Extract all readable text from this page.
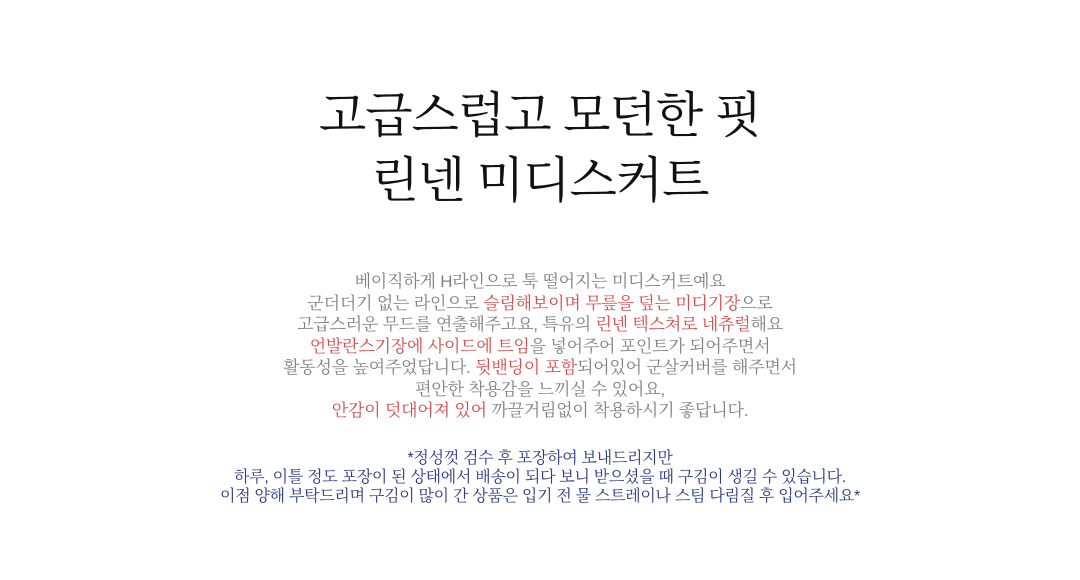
고급스럽고 모던한 핏
린넨 미디스커트
베이직하게 H라인으로 툭 떨어지는 미디스커트예요
군더더기 없는 라인으로 슬림해보이며 무릎을 덮는 미디기장으로
고급스러운 무드를 연출해주고요, 특유의 린넨 텍스쳐로 네츄럴해요
언발란스기장에 사이드에 트임을 넣어주어 포인트가 되어주면서
활동성을 높여주었답니다. 뒷밴딩이 포함되어있어 군살커버를 해주면서
편안한 착용감을 느끼실 수 있어요,
안감이 덧대어져 있어 까끌거림없이 착용하시기 좋답니다.
*정성껏 검수 후 포장하여 보내드리지만
하루, 이틀 정도 포장이 된 상태에서 배송이 되다 보니 받으셨을 때 구김이 생길 수 있습니다.
이점 양해 부탁드리며 구김이 많이 간 상품은 입기 전 물 스트레이나 스팀 다림질 후 입어주세요*
